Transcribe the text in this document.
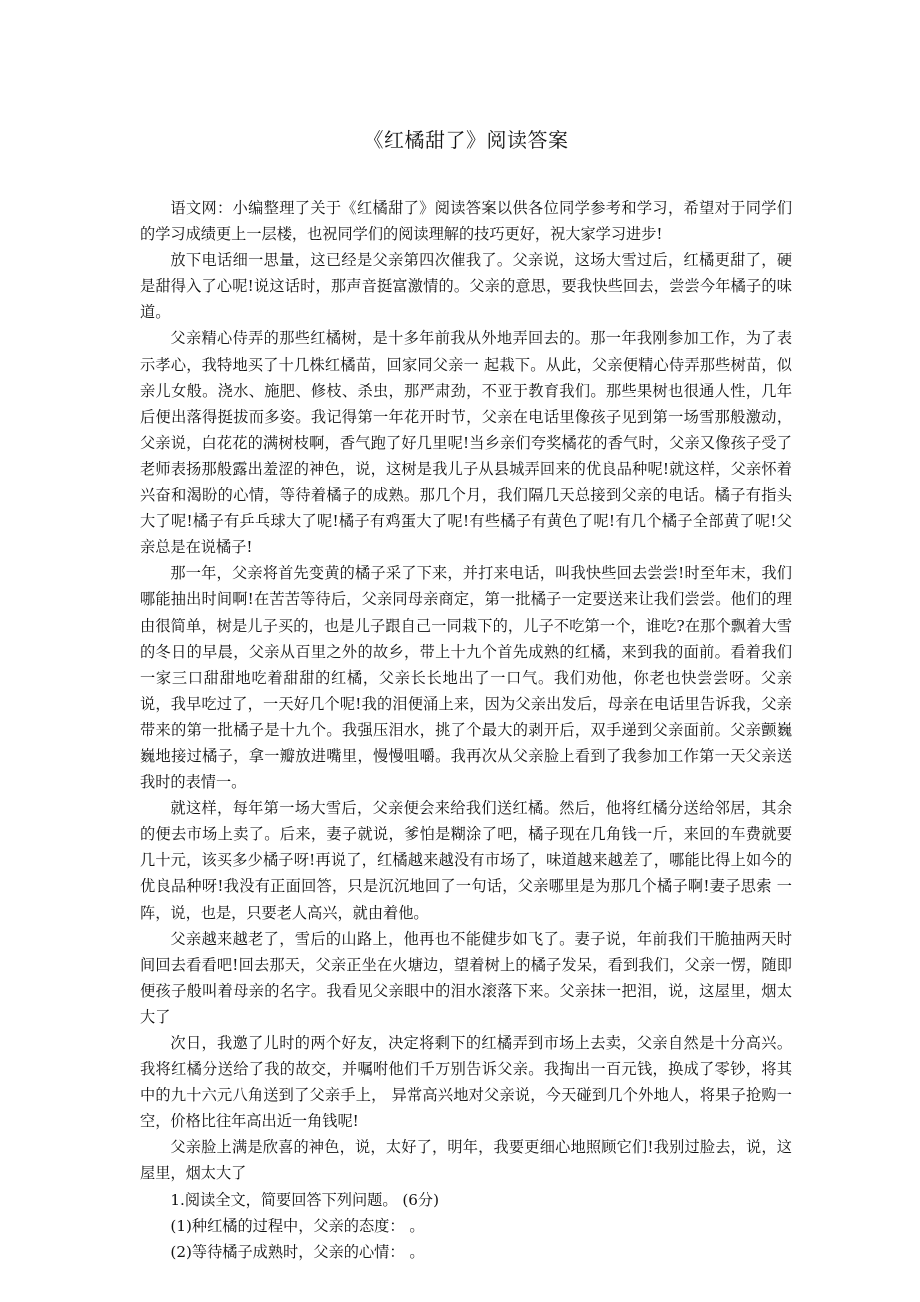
《红橘甜了》阅读答案

语文网：小编整理了关于《红橘甜了》阅读答案以供各位同学参考和学习，希望对于同学们的学习成绩更上一层楼，也祝同学们的阅读理解的技巧更好，祝大家学习进步!

放下电话细一思量，这已经是父亲第四次催我了。父亲说，这场大雪过后，红橘更甜了，硬是甜得入了心呢!说这话时，那声音挺富激情的。父亲的意思，要我快些回去，尝尝今年橘子的味道。

父亲精心侍弄的那些红橘树，是十多年前我从外地弄回去的。那一年我刚参加工作，为了表示孝心，我特地买了十几株红橘苗，回家同父亲一 起栽下。从此，父亲便精心侍弄那些树苗，似亲儿女般。浇水、施肥、修枝、杀虫，那严肃劲，不亚于教育我们。那些果树也很通人性，几年后便出落得挺拔而多姿。我记得第一年花开时节，父亲在电话里像孩子见到第一场雪那般激动，父亲说，白花花的满树枝啊，香气跑了好几里呢!当乡亲们夸奖橘花的香气时，父亲又像孩子受了老师表扬那般露出羞涩的神色，说，这树是我儿子从县城弄回来的优良品种呢!就这样，父亲怀着兴奋和渴盼的心情，等待着橘子的成熟。那几个月，我们隔几天总接到父亲的电话。橘子有指头大了呢!橘子有乒乓球大了呢!橘子有鸡蛋大了呢!有些橘子有黄色了呢!有几个橘子全部黄了呢!父亲总是在说橘子!

那一年，父亲将首先变黄的橘子采了下来，并打来电话，叫我快些回去尝尝!时至年末，我们哪能抽出时间啊!在苦苦等待后，父亲同母亲商定，第一批橘子一定要送来让我们尝尝。他们的理由很简单，树是儿子买的，也是儿子跟自己一同栽下的，儿子不吃第一个，谁吃?在那个飘着大雪的冬日的早晨，父亲从百里之外的故乡，带上十九个首先成熟的红橘，来到我的面前。看着我们一家三口甜甜地吃着甜甜的红橘，父亲长长地出了一口气。我们劝他，你老也快尝尝呀。父亲说，我早吃过了，一天好几个呢!我的泪便涌上来，因为父亲出发后，母亲在电话里告诉我，父亲带来的第一批橘子是十九个。我强压泪水，挑了个最大的剥开后，双手递到父亲面前。父亲颤巍巍地接过橘子，拿一瓣放进嘴里，慢慢咀嚼。我再次从父亲脸上看到了我参加工作第一天父亲送我时的表情一。

就这样，每年第一场大雪后，父亲便会来给我们送红橘。然后，他将红橘分送给邻居，其余的便去市场上卖了。后来，妻子就说，爹怕是糊涂了吧，橘子现在几角钱一斤，来回的车费就要几十元，该买多少橘子呀!再说了，红橘越来越没有市场了，味道越来越差了，哪能比得上如今的优良品种呀!我没有正面回答，只是沉沉地回了一句话，父亲哪里是为那几个橘子啊!妻子思索 一阵，说，也是，只要老人高兴，就由着他。

父亲越来越老了，雪后的山路上，他再也不能健步如飞了。妻子说，年前我们干脆抽两天时间回去看看吧!回去那天，父亲正坐在火塘边，望着树上的橘子发呆，看到我们，父亲一愣，随即便孩子般叫着母亲的名字。我看见父亲眼中的泪水滚落下来。父亲抹一把泪，说，这屋里，烟太大了

次日，我邀了儿时的两个好友，决定将剩下的红橘弄到市场上去卖，父亲自然是十分高兴。我将红橘分送给了我的故交，并嘱咐他们千万别告诉父亲。我掏出一百元钱，换成了零钞，将其中的九十六元八角送到了父亲手上， 异常高兴地对父亲说，今天碰到几个外地人，将果子抢购一空，价格比往年高出近一角钱呢!

父亲脸上满是欣喜的神色，说，太好了，明年，我要更细心地照顾它们!我别过脸去，说，这屋里，烟太大了

1.阅读全文，简要回答下列问题。 (6分)

(1)种红橘的过程中，父亲的态度： 。

(2)等待橘子成熟时，父亲的心情： 。
